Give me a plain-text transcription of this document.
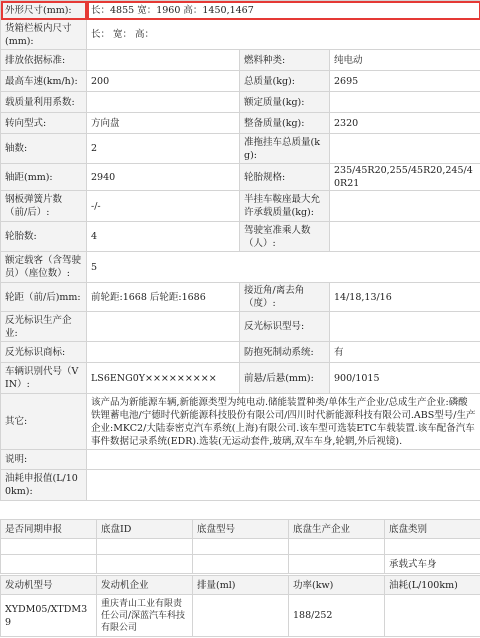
外形尺寸(mm):	长：4855 宽：1960 高：1450,1467		
货箱栏板内尺寸(mm):	长： 宽： 高：		
排放依据标准:		燃料种类:	纯电动
最高车速(km/h):	200	总质量(kg):	2695
载质量利用系数:		额定质量(kg):	
转向型式:	方向盘	整备质量(kg):	2320
轴数:	2	准拖挂车总质量(kg):	
轴距(mm):	2940	轮胎规格:	235/45R20,255/45R20,245/40R21
钢板弹簧片数（前/后）:	-/-	半挂车鞍座最大允许承载质量(kg):	
轮胎数:	4	驾驶室准乘人数（人）:	
额定载客（含驾驶员）（座位数）:	5		
轮距（前/后)mm:	前轮距:1668 后轮距:1686	接近角/离去角（度）:	14/18,13/16
反光标识生产企业:		反光标识型号:	
反光标识商标:		防抱死制动系统:	有
车辆识别代号（VIN）:	LS6ENG0Y×××××××××	前悬/后悬(mm):	900/1015
其它:	该产品为新能源车辆,新能源类型为纯电动.储能装置种类/单体生产企业/总成生产企业:磷酸铁锂蓄电池/宁德时代新能源科技股份有限公司/四川时代新能源科技有限公司.ABS型号/生产企业:MKC2/大陆泰密克汽车系统(上海)有限公司.该车型可选装ETC车载装置.该车配备汽车事件数据记录系统(EDR).选装(无运动套件,玻璃,双车车身,轮辋,外后视镜).		
说明:			
油耗申报值(L/100km):			
是否同期申报	底盘ID	底盘型号	底盘生产企业	底盘类别

				承载式车身
发动机型号	发动机企业	排量(ml)	功率(kw)	油耗(L/100km)
XYDM05/XTDM39	重庆青山工业有限责任公司/深蓝汽车科技有限公司		188/252	
